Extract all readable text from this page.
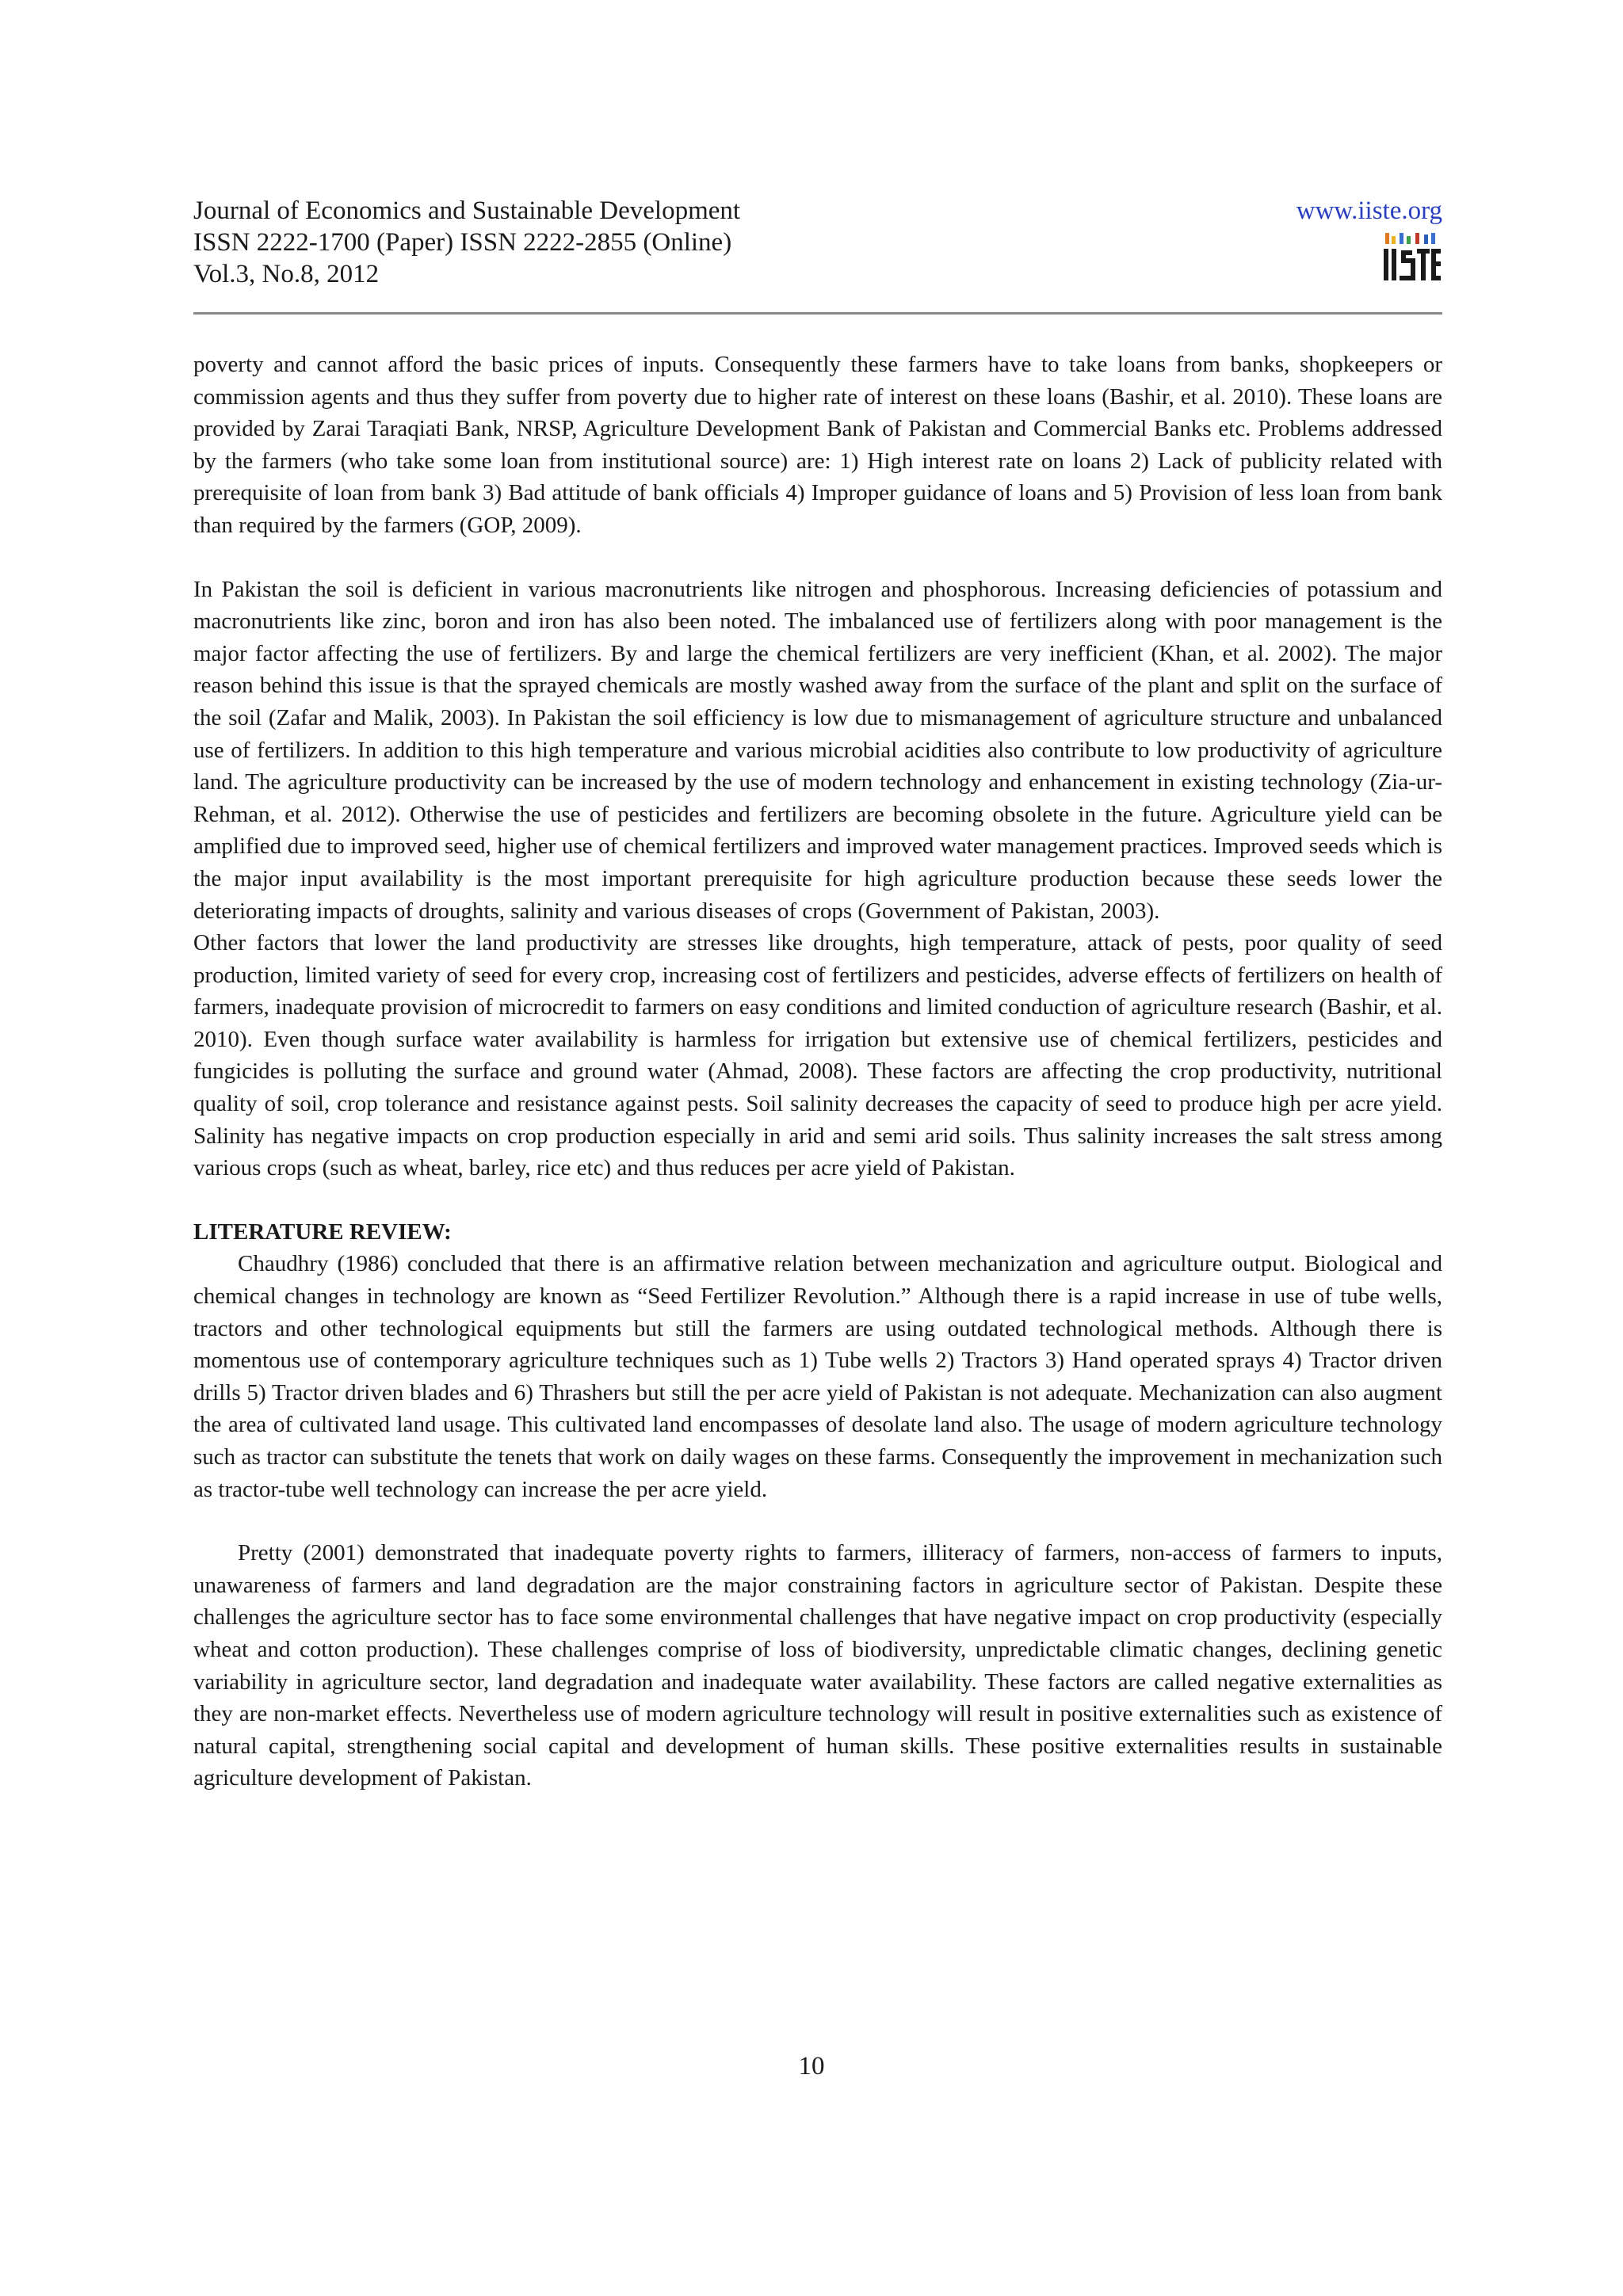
Journal of Economics and Sustainable Development
ISSN 2222-1700 (Paper) ISSN 2222-2855 (Online)
Vol.3, No.8, 2012
www.iiste.org

poverty and cannot afford the basic prices of inputs. Consequently these farmers have to take loans from banks, shopkeepers or commission agents and thus they suffer from poverty due to higher rate of interest on these loans (Bashir, et al. 2010). These loans are provided by Zarai Taraqiati Bank, NRSP, Agriculture Development Bank of Pakistan and Commercial Banks etc. Problems addressed by the farmers (who take some loan from institutional source) are: 1) High interest rate on loans 2) Lack of publicity related with prerequisite of loan from bank 3) Bad attitude of bank officials 4) Improper guidance of loans and 5) Provision of less loan from bank than required by the farmers (GOP, 2009).

In Pakistan the soil is deficient in various macronutrients like nitrogen and phosphorous. Increasing deficiencies of potassium and macronutrients like zinc, boron and iron has also been noted. The imbalanced use of fertilizers along with poor management is the major factor affecting the use of fertilizers. By and large the chemical fertilizers are very inefficient (Khan, et al. 2002). The major reason behind this issue is that the sprayed chemicals are mostly washed away from the surface of the plant and split on the surface of the soil (Zafar and Malik, 2003). In Pakistan the soil efficiency is low due to mismanagement of agriculture structure and unbalanced use of fertilizers. In addition to this high temperature and various microbial acidities also contribute to low productivity of agriculture land. The agriculture productivity can be increased by the use of modern technology and enhancement in existing technology (Zia-ur- Rehman, et al. 2012). Otherwise the use of pesticides and fertilizers are becoming obsolete in the future. Agriculture yield can be amplified due to improved seed, higher use of chemical fertilizers and improved water management practices. Improved seeds which is the major input availability is the most important prerequisite for high agriculture production because these seeds lower the deteriorating impacts of droughts, salinity and various diseases of crops (Government of Pakistan, 2003).

Other factors that lower the land productivity are stresses like droughts, high temperature, attack of pests, poor quality of seed production, limited variety of seed for every crop, increasing cost of fertilizers and pesticides, adverse effects of fertilizers on health of farmers, inadequate provision of microcredit to farmers on easy conditions and limited conduction of agriculture research (Bashir, et al. 2010). Even though surface water availability is harmless for irrigation but extensive use of chemical fertilizers, pesticides and fungicides is polluting the surface and ground water (Ahmad, 2008). These factors are affecting the crop productivity, nutritional quality of soil, crop tolerance and resistance against pests. Soil salinity decreases the capacity of seed to produce high per acre yield. Salinity has negative impacts on crop production especially in arid and semi arid soils. Thus salinity increases the salt stress among various crops (such as wheat, barley, rice etc) and thus reduces per acre yield of Pakistan.

LITERATURE REVIEW:

Chaudhry (1986) concluded that there is an affirmative relation between mechanization and agriculture output. Biological and chemical changes in technology are known as “Seed Fertilizer Revolution.” Although there is a rapid increase in use of tube wells, tractors and other technological equipments but still the farmers are using outdated technological methods. Although there is momentous use of contemporary agriculture techniques such as 1) Tube wells 2) Tractors 3) Hand operated sprays 4) Tractor driven drills 5) Tractor driven blades and 6) Thrashers but still the per acre yield of Pakistan is not adequate. Mechanization can also augment the area of cultivated land usage. This cultivated land encompasses of desolate land also. The usage of modern agriculture technology such as tractor can substitute the tenets that work on daily wages on these farms. Consequently the improvement in mechanization such as tractor-tube well technology can increase the per acre yield.

Pretty (2001) demonstrated that inadequate poverty rights to farmers, illiteracy of farmers, non-access of farmers to inputs, unawareness of farmers and land degradation are the major constraining factors in agriculture sector of Pakistan. Despite these challenges the agriculture sector has to face some environmental challenges that have negative impact on crop productivity (especially wheat and cotton production). These challenges comprise of loss of biodiversity, unpredictable climatic changes, declining genetic variability in agriculture sector, land degradation and inadequate water availability. These factors are called negative externalities as they are non-market effects. Nevertheless use of modern agriculture technology will result in positive externalities such as existence of natural capital, strengthening social capital and development of human skills. These positive externalities results in sustainable agriculture development of Pakistan.

10
